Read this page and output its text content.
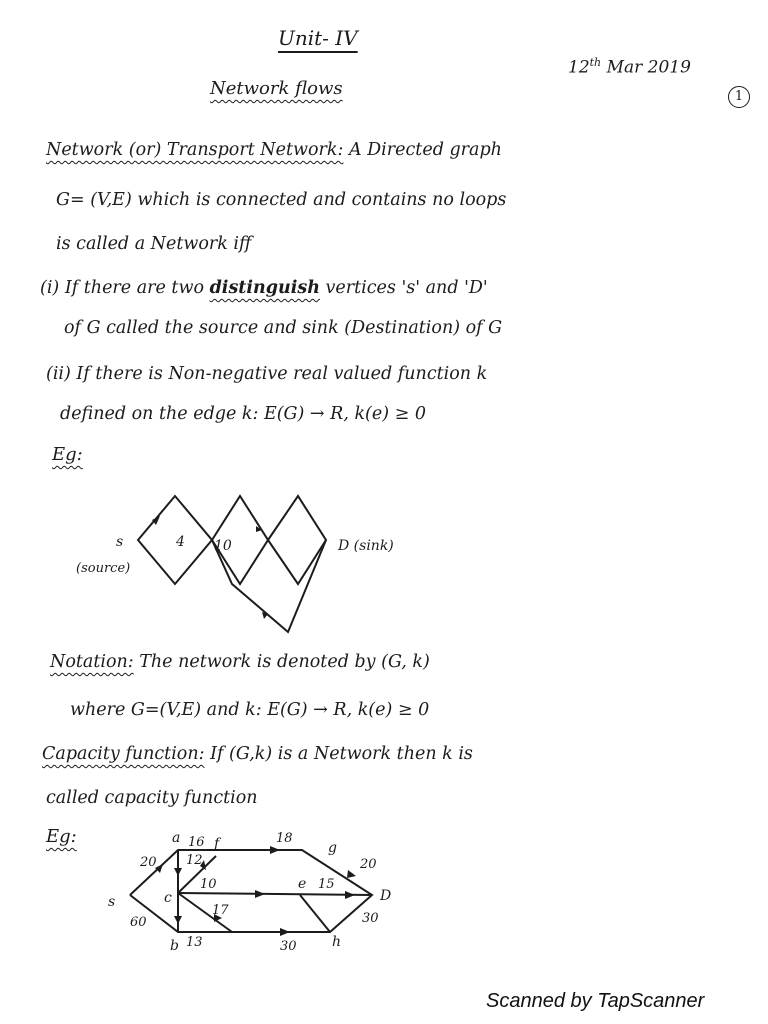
Unit- IV
12th Mar 2019
1
Network flows
Network (or) Transport Network: A Directed graph
G= (V,E) which is connected and contains no loops
is called a Network iff
(i) If there are two distinguish vertices 's' and 'D'
of G called the source and sink (Destination) of G
(ii) If there is Non-negative real valued function k
defined on the edge k: E(G) → R, k(e) ≥ 0
Eg:
Notation: The network is denoted by (G, k)
where G=(V,E) and k: E(G) → R, k(e) ≥ 0
Capacity function: If (G,k) is a Network then k is
called capacity function
Eg:
s
(source)
D (sink)
4 10
a f	g
c
e
s	D
b	h
16	18
20 12
10	15
20
60
17
13	30
30
Scanned by TapScanner
